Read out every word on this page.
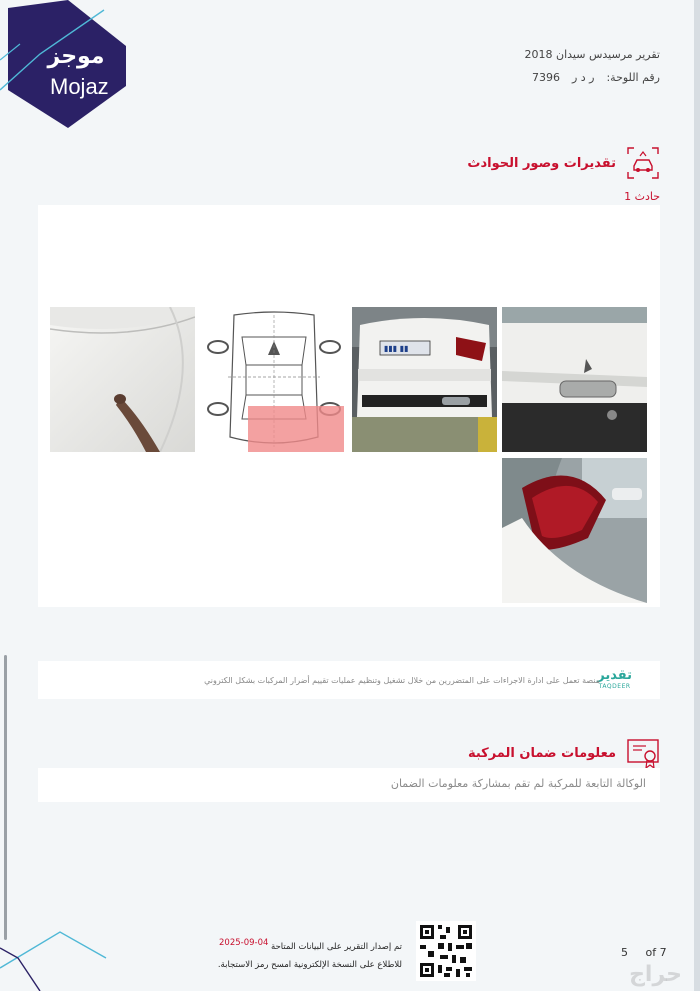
موجز
Mojaz
تقرير مرسيدس سيدان 2018
رقم اللوحة:
ر د ر
7396
تقديرات وصور الحوادث
حادث 1
▮▮▮ ▮▮
تقدير
TAQDEER
منصة تعمل على ادارة الاجراءات على المتضررين من خلال تشغيل وتنظيم عمليات تقييم أضرار المركبات بشكل الكتروني
معلومات ضمان المركبة
الوكالة التابعة للمركبة لم تقم بمشاركة معلومات الضمان
تم إصدار التقرير على البيانات المتاحة
للاطلاع على النسخة الإلكترونية امسح رمز الاستجابة.
2025-09-04
5 of 7
حراج
